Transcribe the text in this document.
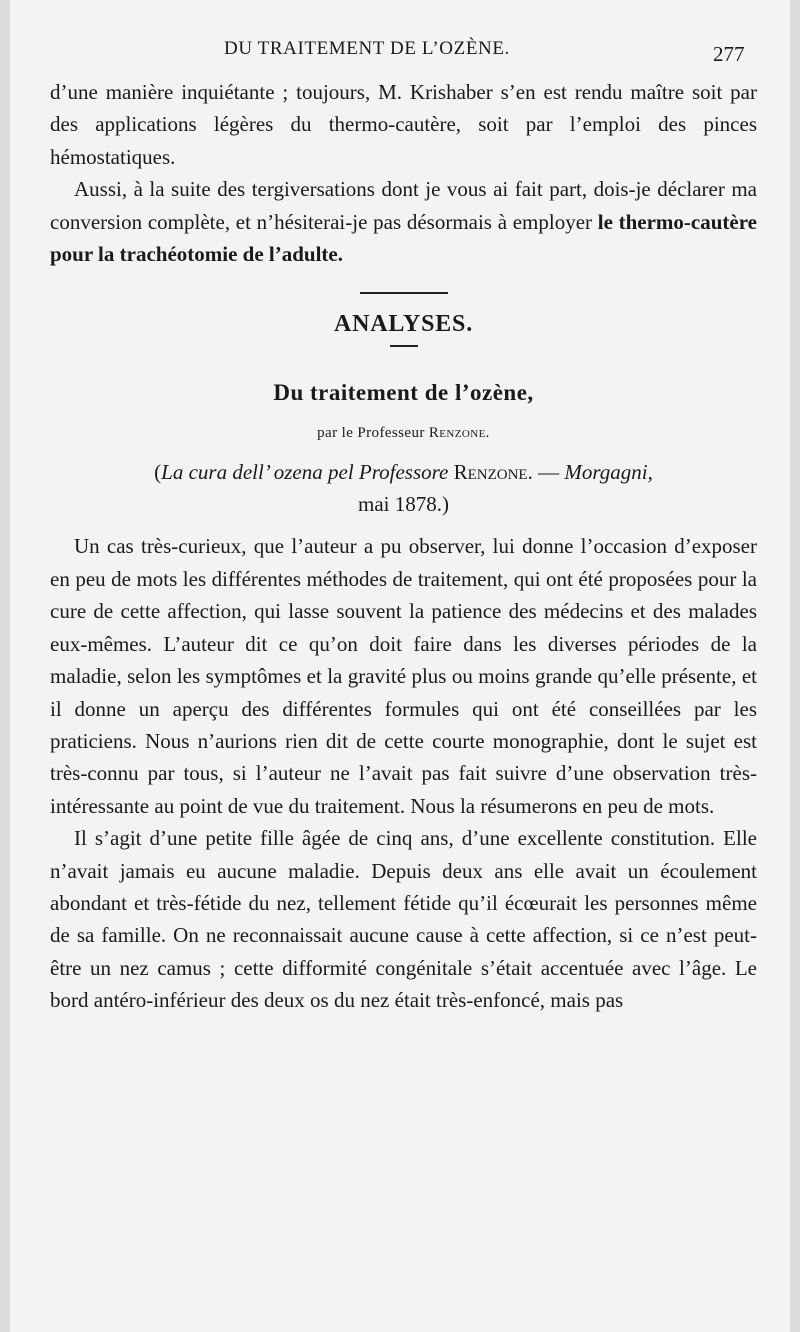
DU TRAITEMENT DE L’OZÈNE.	277

d’une manière inquiétante ; toujours, M. Krishaber s’en est rendu maître soit par des applications légères du thermo-cautère, soit par l’emploi des pinces hémostatiques.

Aussi, à la suite des tergiversations dont je vous ai fait part, dois-je déclarer ma conversion complète, et n’hésiterai-je pas désormais à employer le thermo-cautère pour la trachéotomie de l’adulte.

ANALYSES.
Du traitement de l’ozène,

par le Professeur Renzone.

(La cura dell’ ozena pel Professore Renzone. — Morgagni,
mai 1878.)

Un cas très-curieux, que l’auteur a pu observer, lui donne l’occasion d’exposer en peu de mots les différentes méthodes de traitement, qui ont été proposées pour la cure de cette affection, qui lasse souvent la patience des médecins et des malades eux-mêmes. L’auteur dit ce qu’on doit faire dans les diverses périodes de la maladie, selon les symptômes et la gravité plus ou moins grande qu’elle présente, et il donne un aperçu des différentes formules qui ont été conseillées par les praticiens. Nous n’aurions rien dit de cette courte monographie, dont le sujet est très-connu par tous, si l’auteur ne l’avait pas fait suivre d’une observation très-intéressante au point de vue du traitement. Nous la résumerons en peu de mots.

Il s’agit d’une petite fille âgée de cinq ans, d’une excellente constitution. Elle n’avait jamais eu aucune maladie. Depuis deux ans elle avait un écoulement abondant et très-fétide du nez, tellement fétide qu’il écœurait les personnes même de sa famille. On ne reconnaissait aucune cause à cette affection, si ce n’est peut-être un nez camus ; cette difformité congénitale s’était accentuée avec l’âge. Le bord antéro-inférieur des deux os du nez était très-enfoncé, mais pas
